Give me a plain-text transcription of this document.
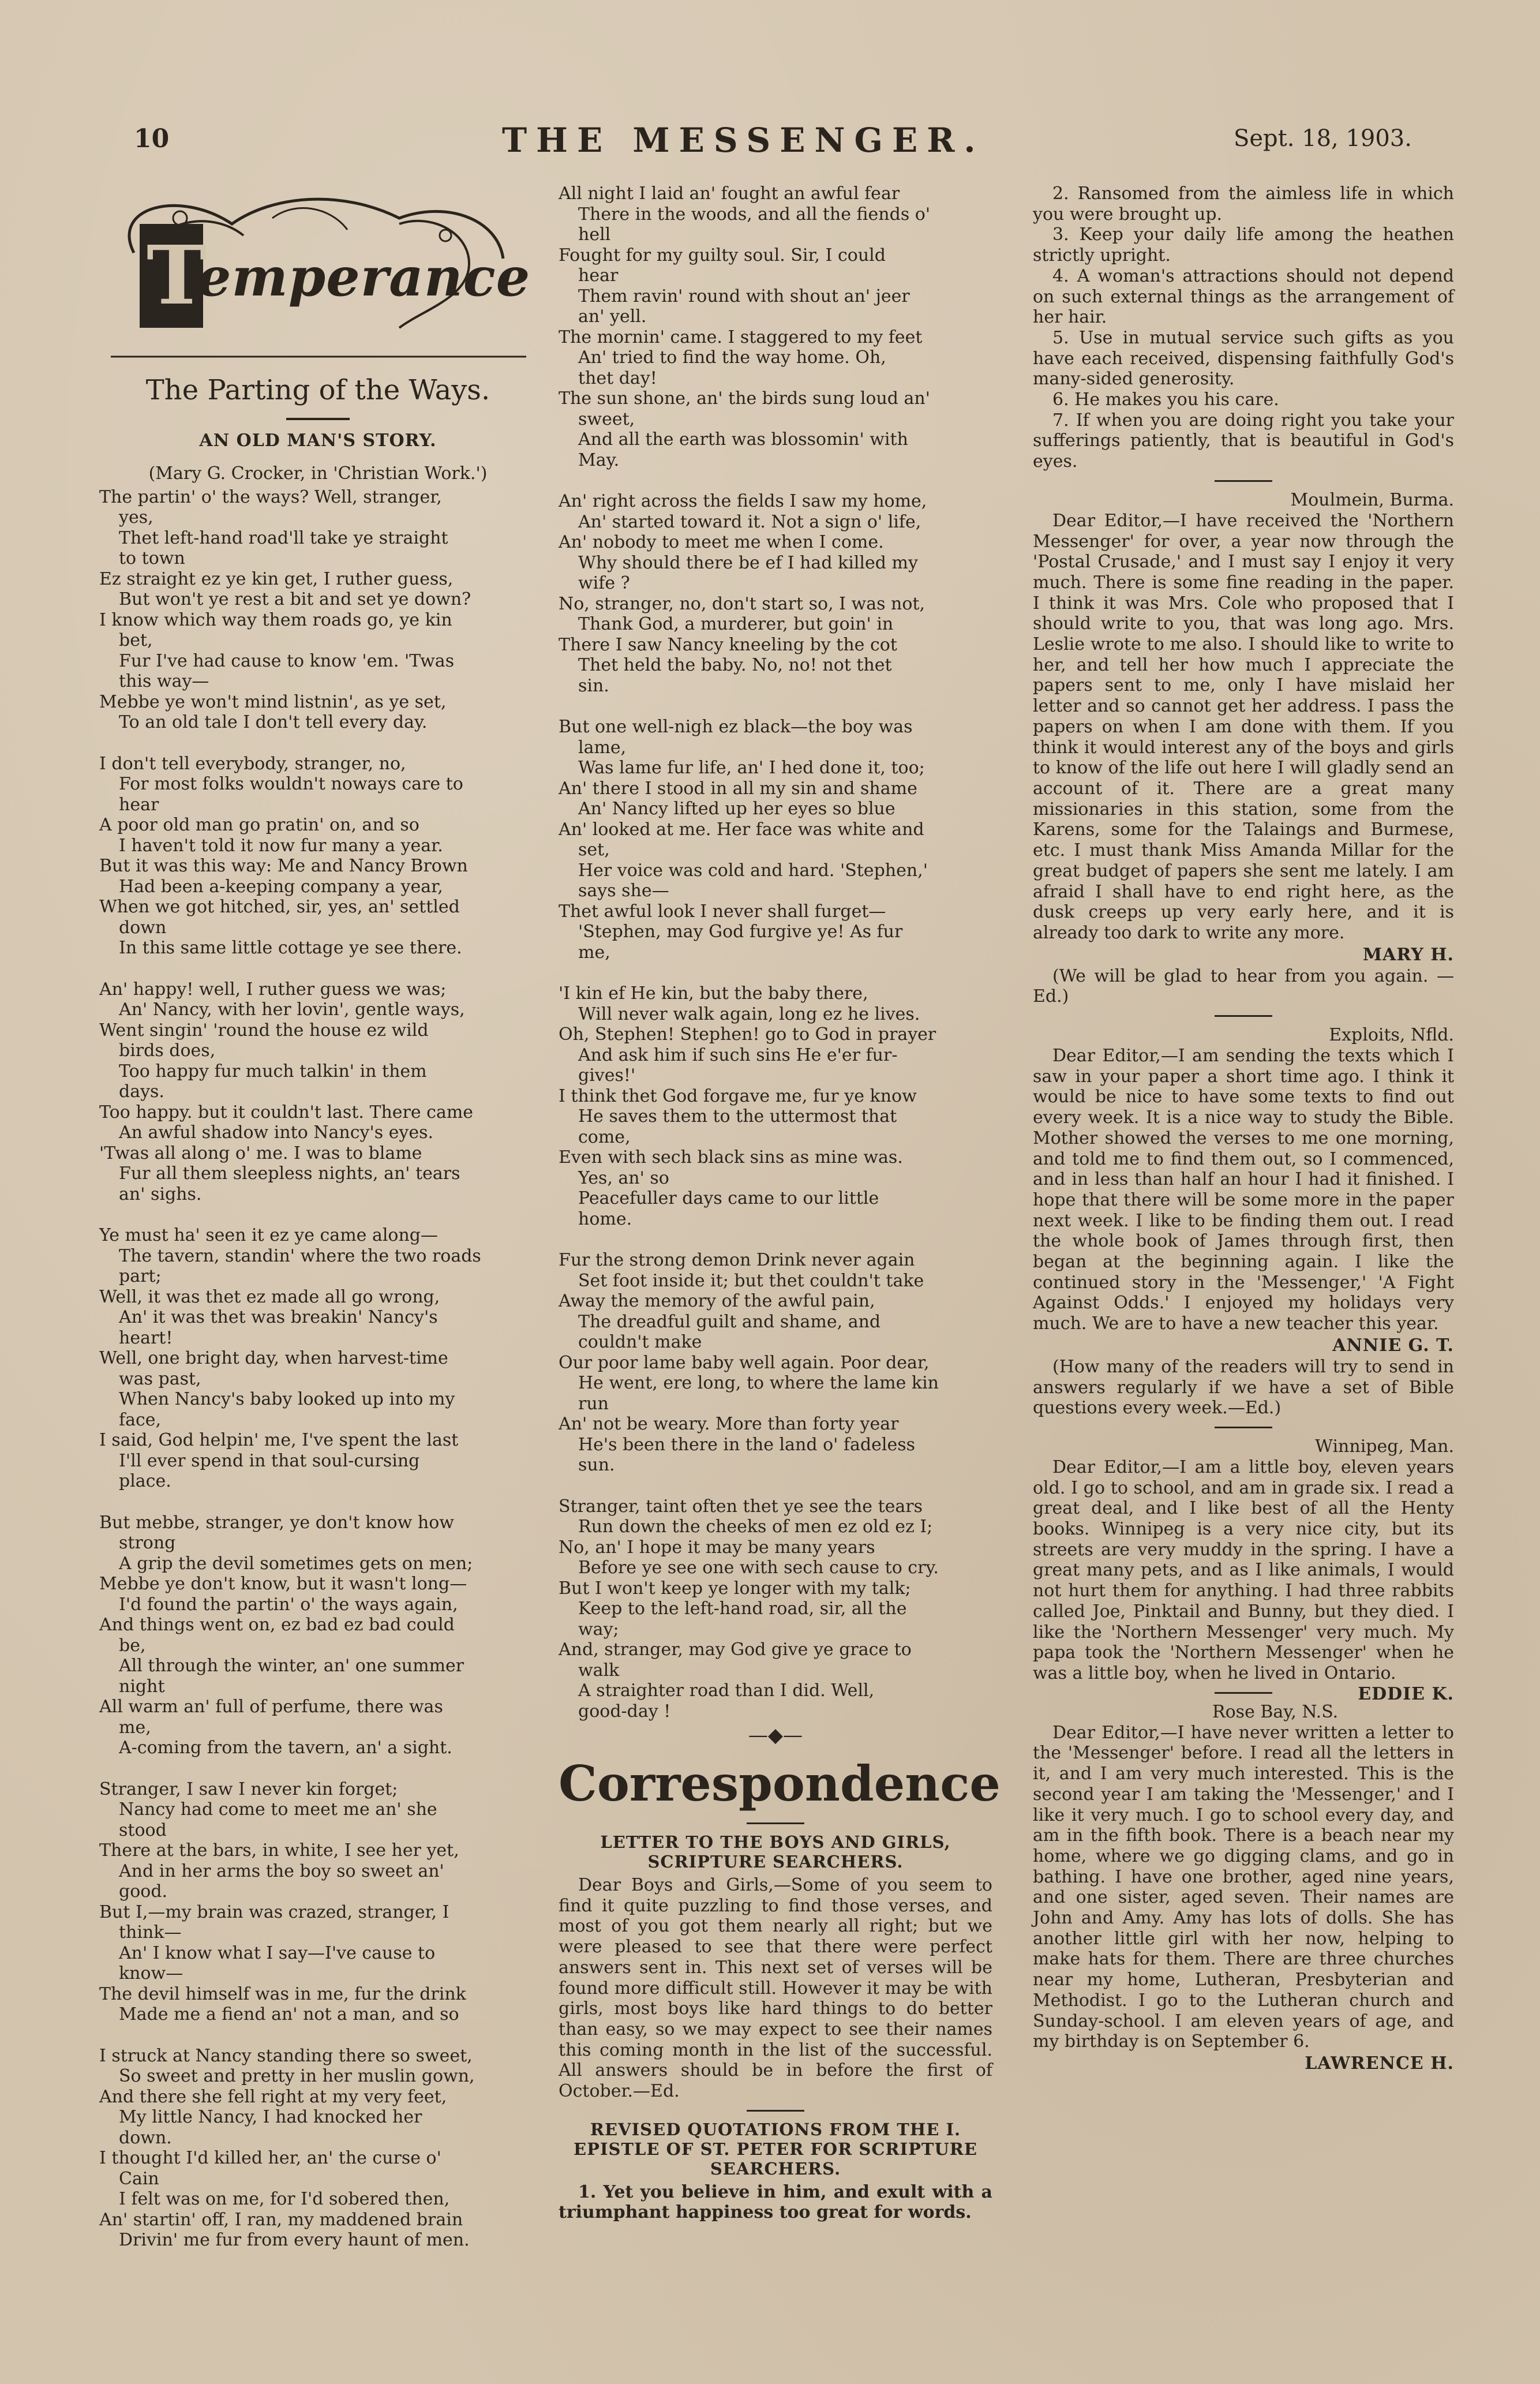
10	THE MESSENGER.	Sept. 18, 1903.
T
emperance
The Parting of the Ways.
AN OLD MAN'S STORY.
(Mary G. Crocker, in 'Christian Work.')
The partin' o' the ways? Well, stranger,
yes,
Thet left-hand road'll take ye straight
to town
Ez straight ez ye kin get, I ruther guess,
But won't ye rest a bit and set ye down?
I know which way them roads go, ye kin
bet,
Fur I've had cause to know 'em. 'Twas
this way—
Mebbe ye won't mind listnin', as ye set,
To an old tale I don't tell every day.
I don't tell everybody, stranger, no,
For most folks wouldn't noways care to
hear
A poor old man go pratin' on, and so
I haven't told it now fur many a year.
But it was this way: Me and Nancy Brown
Had been a-keeping company a year,
When we got hitched, sir, yes, an' settled
down
In this same little cottage ye see there.
An' happy! well, I ruther guess we was;
An' Nancy, with her lovin', gentle ways,
Went singin' 'round the house ez wild
birds does,
Too happy fur much talkin' in them
days.
Too happy. but it couldn't last. There came
An awful shadow into Nancy's eyes.
'Twas all along o' me. I was to blame
Fur all them sleepless nights, an' tears
an' sighs.
Ye must ha' seen it ez ye came along—
The tavern, standin' where the two roads
part;
Well, it was thet ez made all go wrong,
An' it was thet was breakin' Nancy's
heart!
Well, one bright day, when harvest-time
was past,
When Nancy's baby looked up into my
face,
I said, God helpin' me, I've spent the last
I'll ever spend in that soul-cursing
place.
But mebbe, stranger, ye don't know how
strong
A grip the devil sometimes gets on men;
Mebbe ye don't know, but it wasn't long—
I'd found the partin' o' the ways again,
And things went on, ez bad ez bad could
be,
All through the winter, an' one summer
night
All warm an' full of perfume, there was
me,
A-coming from the tavern, an' a sight.
Stranger, I saw I never kin forget;
Nancy had come to meet me an' she
stood
There at the bars, in white, I see her yet,
And in her arms the boy so sweet an'
good.
But I,—my brain was crazed, stranger, I
think—
An' I know what I say—I've cause to
know—
The devil himself was in me, fur the drink
Made me a fiend an' not a man, and so
I struck at Nancy standing there so sweet,
So sweet and pretty in her muslin gown,
And there she fell right at my very feet,
My little Nancy, I had knocked her
down.
I thought I'd killed her, an' the curse o'
Cain
I felt was on me, for I'd sobered then,
An' startin' off, I ran, my maddened brain
Drivin' me fur from every haunt of men.
All night I laid an' fought an awful fear
There in the woods, and all the fiends o'
hell
Fought for my guilty soul. Sir, I could
hear
Them ravin' round with shout an' jeer
an' yell.
The mornin' came. I staggered to my feet
An' tried to find the way home. Oh,
thet day!
The sun shone, an' the birds sung loud an'
sweet,
And all the earth was blossomin' with
May.
An' right across the fields I saw my home,
An' started toward it. Not a sign o' life,
An' nobody to meet me when I come.
Why should there be ef I had killed my
wife ?
No, stranger, no, don't start so, I was not,
Thank God, a murderer, but goin' in
There I saw Nancy kneeling by the cot
Thet held the baby. No, no! not thet
sin.
But one well-nigh ez black—the boy was
lame,
Was lame fur life, an' I hed done it, too;
An' there I stood in all my sin and shame
An' Nancy lifted up her eyes so blue
An' looked at me. Her face was white and
set,
Her voice was cold and hard. 'Stephen,'
says she—
Thet awful look I never shall furget—
'Stephen, may God furgive ye! As fur
me,
'I kin ef He kin, but the baby there,
Will never walk again, long ez he lives.
Oh, Stephen! Stephen! go to God in prayer
And ask him if such sins He e'er fur-
gives!'
I think thet God forgave me, fur ye know
He saves them to the uttermost that
come,
Even with sech black sins as mine was.
Yes, an' so
Peacefuller days came to our little
home.
Fur the strong demon Drink never again
Set foot inside it; but thet couldn't take
Away the memory of the awful pain,
The dreadful guilt and shame, and
couldn't make
Our poor lame baby well again. Poor dear,
He went, ere long, to where the lame kin
run
An' not be weary. More than forty year
He's been there in the land o' fadeless
sun.
Stranger, taint often thet ye see the tears
Run down the cheeks of men ez old ez I;
No, an' I hope it may be many years
Before ye see one with sech cause to cry.
But I won't keep ye longer with my talk;
Keep to the left-hand road, sir, all the
way;
And, stranger, may God give ye grace to
walk
A straighter road than I did. Well,
good-day !
—◆—
Correspondence
LETTER TO THE BOYS AND GIRLS, SCRIPTURE SEARCHERS.

Dear Boys and Girls,—Some of you seem to find it quite puzzling to find those verses, and most of you got them nearly all right; but we were pleased to see that there were perfect answers sent in. This next set of verses will be found more difficult still. However it may be with girls, most boys like hard things to do better than easy, so we may expect to see their names this coming month in the list of the successful. All answers should be in before the first of October.—Ed.

REVISED QUOTATIONS FROM THE I. EPISTLE OF ST. PETER FOR SCRIPTURE SEARCHERS.

1. Yet you believe in him, and exult with a triumphant happiness too great for words.

2. Ransomed from the aimless life in which you were brought up.

3. Keep your daily life among the heathen strictly upright.

4. A woman's attractions should not depend on such external things as the arrangement of her hair.

5. Use in mutual service such gifts as you have each received, dispensing faithfully God's many-sided generosity.

6. He makes you his care.

7. If when you are doing right you take your sufferings patiently, that is beautiful in God's eyes.

Moulmein, Burma.

Dear Editor,—I have received the 'Northern Messenger' for over, a year now through the 'Postal Crusade,' and I must say I enjoy it very much. There is some fine reading in the paper. I think it was Mrs. Cole who proposed that I should write to you, that was long ago. Mrs. Leslie wrote to me also. I should like to write to her, and tell her how much I appreciate the papers sent to me, only I have mislaid her letter and so cannot get her address. I pass the papers on when I am done with them. If you think it would interest any of the boys and girls to know of the life out here I will gladly send an account of it. There are a great many missionaries in this station, some from the Karens, some for the Talaings and Burmese, etc. I must thank Miss Amanda Millar for the great budget of papers she sent me lately. I am afraid I shall have to end right here, as the dusk creeps up very early here, and it is already too dark to write any more.

MARY H.

(We will be glad to hear from you again. —Ed.)

Exploits, Nfld.

Dear Editor,—I am sending the texts which I saw in your paper a short time ago. I think it would be nice to have some texts to find out every week. It is a nice way to study the Bible. Mother showed the verses to me one morning, and told me to find them out, so I commenced, and in less than half an hour I had it finished. I hope that there will be some more in the paper next week. I like to be finding them out. I read the whole book of James through first, then began at the beginning again. I like the continued story in the 'Messenger,' 'A Fight Against Odds.' I enjoyed my holidays very much. We are to have a new teacher this year.

ANNIE G. T.

(How many of the readers will try to send in answers regularly if we have a set of Bible questions every week.—Ed.)

Winnipeg, Man.

Dear Editor,—I am a little boy, eleven years old. I go to school, and am in grade six. I read a great deal, and I like best of all the Henty books. Winnipeg is a very nice city, but its streets are very muddy in the spring. I have a great many pets, and as I like animals, I would not hurt them for anything. I had three rabbits called Joe, Pinktail and Bunny, but they died. I like the 'Northern Messenger' very much. My papa took the 'Northern Messenger' when he was a little boy, when he lived in Ontario.
EDDIE K.

Rose Bay, N.S.

Dear Editor,—I have never written a letter to the 'Messenger' before. I read all the letters in it, and I am very much interested. This is the second year I am taking the 'Messenger,' and I like it very much. I go to school every day, and am in the fifth book. There is a beach near my home, where we go digging clams, and go in bathing. I have one brother, aged nine years, and one sister, aged seven. Their names are John and Amy. Amy has lots of dolls. She has another little girl with her now, helping to make hats for them. There are three churches near my home, Lutheran, Presbyterian and Methodist. I go to the Lutheran church and Sunday-school. I am eleven years of age, and my birthday is on September 6.

LAWRENCE H.
